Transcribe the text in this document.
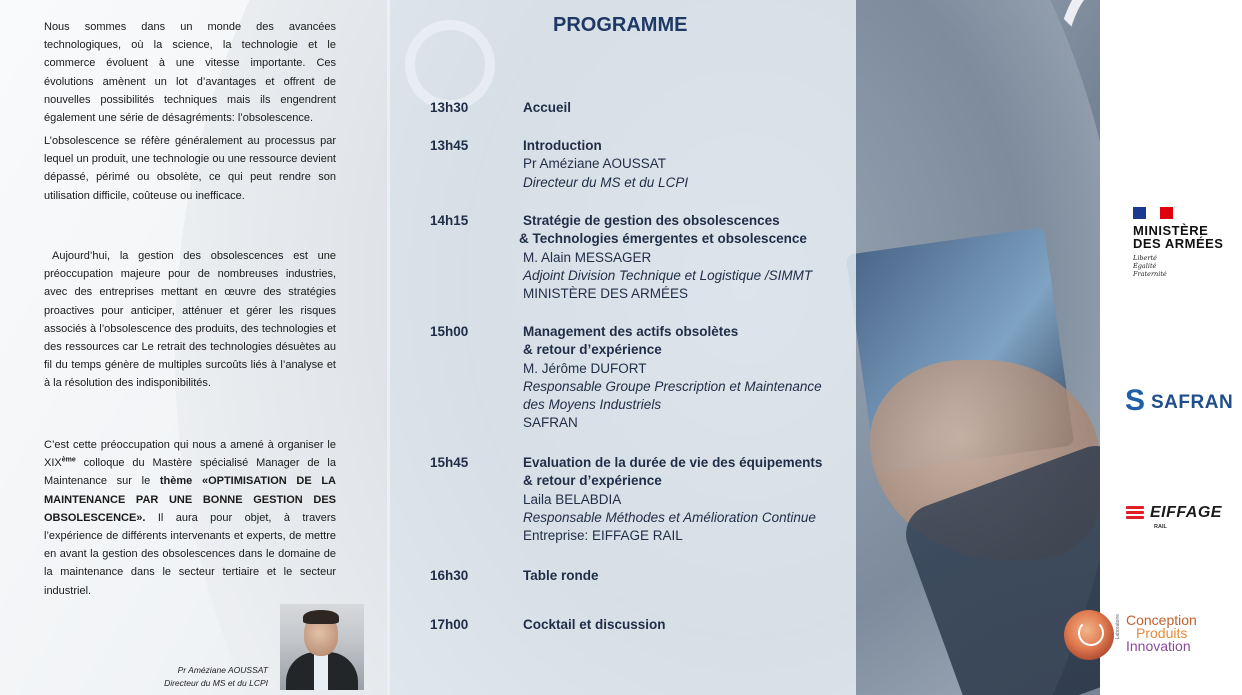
PROGRAMME
13h30	Accueil
13h45	Introduction
Pr Améziane AOUSSAT
Directeur du MS et du LCPI
14h15	Stratégie de gestion des obsolescences
& Technologies émergentes et obsolescence
M. Alain MESSAGER
Adjoint Division Technique et Logistique /SIMMT
MINISTÈRE DES ARMÉES
15h00	Management des actifs obsolètes
& retour d’expérience
M. Jérôme DUFORT
Responsable Groupe Prescription et Maintenance
des Moyens Industriels
SAFRAN
15h45	Evaluation de la durée de vie des équipements
& retour d’expérience
Laila BELABDIA
Responsable Méthodes et Amélioration Continue
Entreprise: EIFFAGE RAIL
16h30	Table ronde
17h00	Cocktail et discussion

Nous sommes dans un monde des avancées technologiques, où la science, la technologie et le commerce évoluent à une vitesse importante. Ces évolutions amènent un lot d’avantages et offrent de nouvelles possibilités techniques mais ils engendrent également une série de désagréments: l’obsolescence.

L’obsolescence se réfère généralement au processus par lequel un produit, une technologie ou une ressource devient dépassé, périmé ou obsolète, ce qui peut rendre son utilisation difficile, coûteuse ou inefficace.

Aujourd’hui, la gestion des obsolescences est une préoccupation majeure pour de nombreuses industries, avec des entreprises mettant en œuvre des stratégies proactives pour anticiper, atténuer et gérer les risques associés à l’obsolescence des produits, des technologies et des ressources car Le retrait des technologies désuètes au fil du temps génère de multiples surcoûts liés à l’analyse et à la résolution des indisponibilités.

C’est cette préoccupation qui nous a amené à organiser le XIXème colloque du Mastère spécialisé Manager de la Maintenance sur le thème «OPTIMISATION DE LA MAINTENANCE PAR UNE BONNE GESTION DES OBSOLESCENCE». Il aura pour objet, à travers l’expérience de différents intervenants et experts, de mettre en avant la gestion des obsolescences dans le domaine de la maintenance dans le secteur tertiaire et le secteur industriel.

Pr Améziane AOUSSAT
Directeur du MS et du LCPI
MINISTÈRE
DES ARMÉES
Liberté
Égalité
Fraternité
S SAFRAN
EIFFAGE
RAIL
Laboratoire Conception
Produits
Innovation
